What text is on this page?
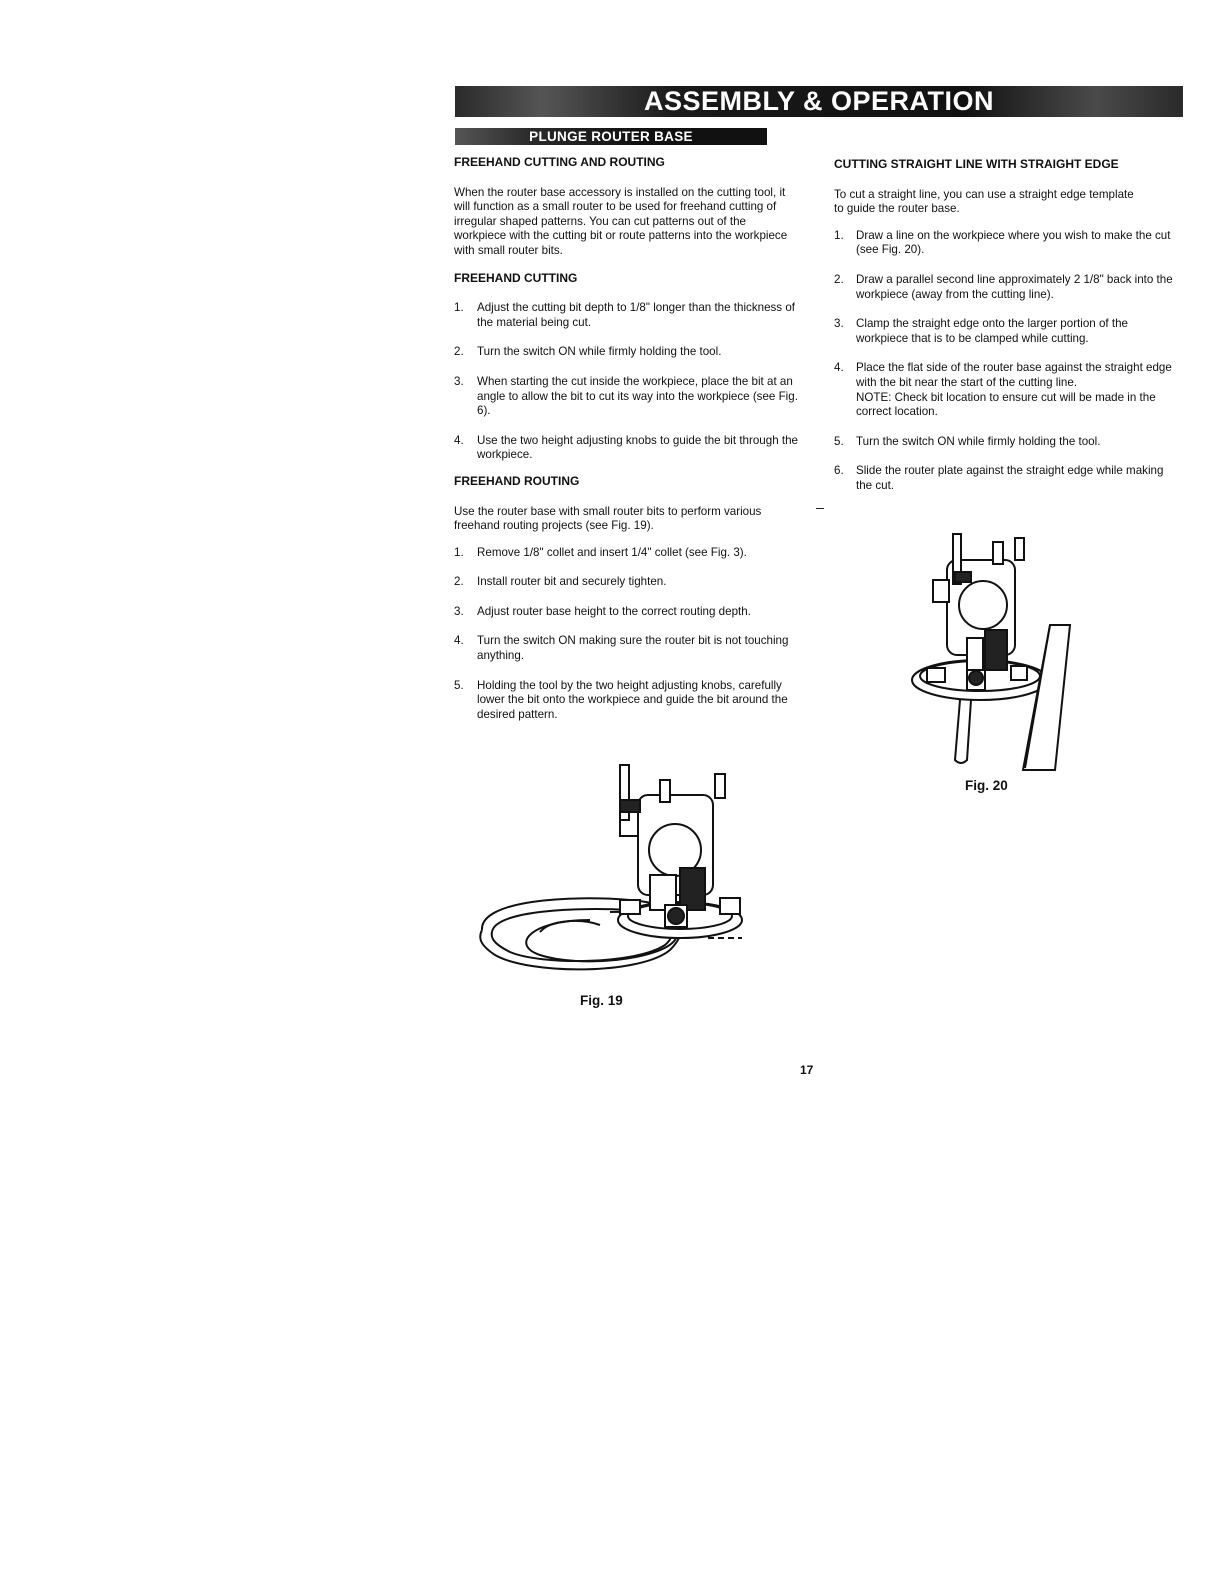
ASSEMBLY & OPERATION
PLUNGE ROUTER BASE

FREEHAND CUTTING AND ROUTING

When the router base accessory is installed on the cutting tool, it will function as a small router to be used for freehand cutting of irregular shaped patterns. You can cut patterns out of the workpiece with the cutting bit or route patterns into the workpiece with small router bits.

FREEHAND CUTTING

1. Adjust the cutting bit depth to 1/8" longer than the thickness of the material being cut.
2. Turn the switch ON while firmly holding the tool.
3. When starting the cut inside the workpiece, place the bit at an angle to allow the bit to cut its way into the workpiece (see Fig. 6).
4. Use the two height adjusting knobs to guide the bit through the workpiece.

FREEHAND ROUTING

Use the router base with small router bits to perform various freehand routing projects (see Fig. 19).

1. Remove 1/8" collet and insert 1/4" collet (see Fig. 3).
2. Install router bit and securely tighten.
3. Adjust router base height to the correct routing depth.
4. Turn the switch ON making sure the router bit is not touching anything.
5. Holding the tool by the two height adjusting knobs, carefully lower the bit onto the workpiece and guide the bit around the desired pattern.

CUTTING STRAIGHT LINE WITH STRAIGHT EDGE

To cut a straight line, you can use a straight edge template to guide the router base.

1. Draw a line on the workpiece where you wish to make the cut (see Fig. 20).
2. Draw a parallel second line approximately 2 1/8" back into the workpiece (away from the cutting line).
3. Clamp the straight edge onto the larger portion of the workpiece that is to be clamped while cutting.
4. Place the flat side of the router base against the straight edge with the bit near the start of the cutting line.
NOTE: Check bit location to ensure cut will be made in the correct location.
5. Turn the switch ON while firmly holding the tool.
6. Slide the router plate against the straight edge while making the cut.
Fig. 20
Fig. 19
17
